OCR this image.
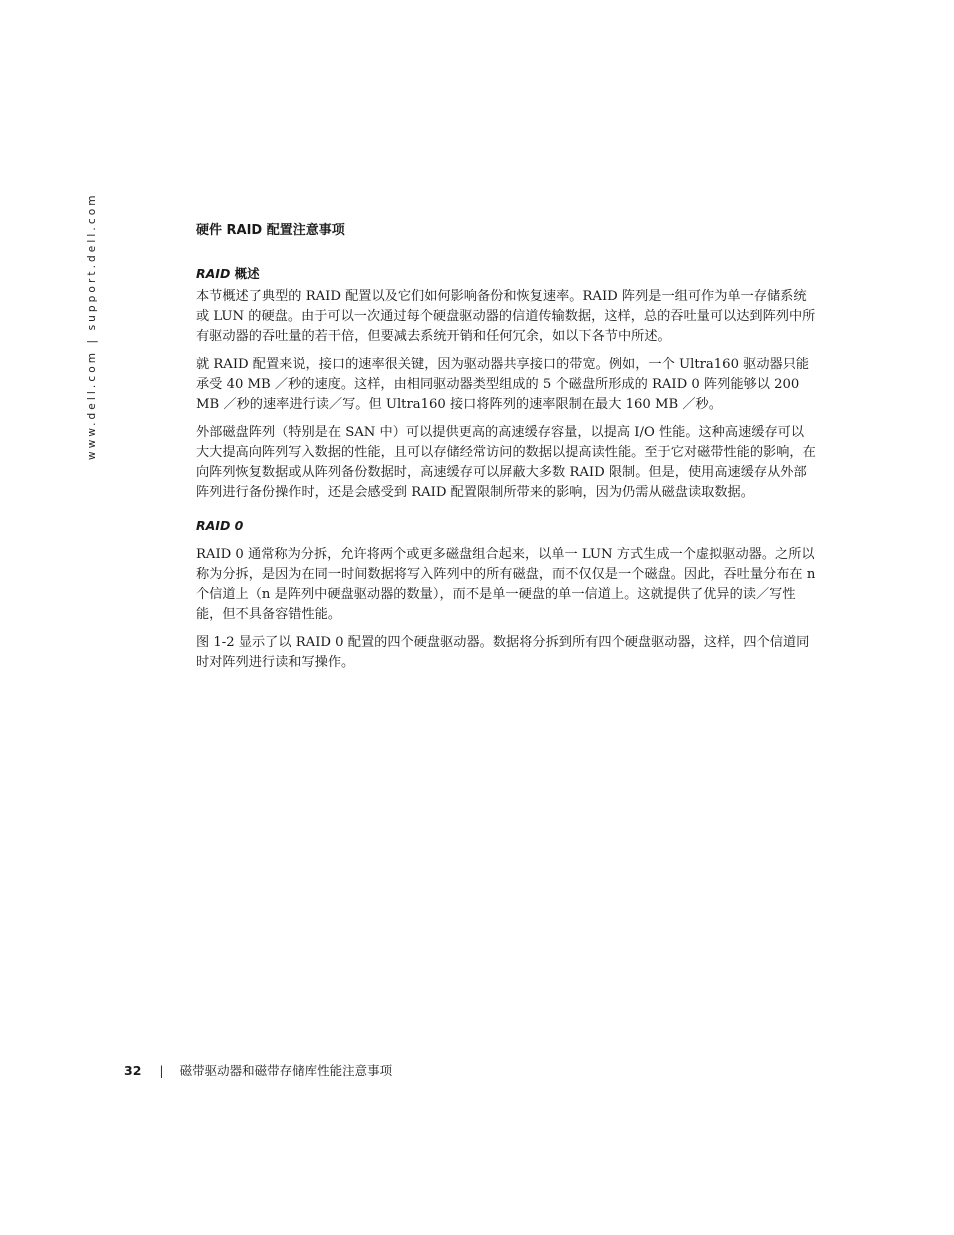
www.dell.com | support.dell.com	硬件 RAID 配置注意事项
RAID 概述

本节概述了典型的 RAID 配置以及它们如何影响备份和恢复速率。RAID 阵列是一组可作为单一存储系统或 LUN 的硬盘。由于可以一次通过每个硬盘驱动器的信道传输数据，这样，总的吞吐量可以达到阵列中所有驱动器的吞吐量的若干倍，但要减去系统开销和任何冗余，如以下各节中所述。

就 RAID 配置来说，接口的速率很关键，因为驱动器共享接口的带宽。例如，一个 Ultra160 驱动器只能承受 40 MB ／秒的速度。这样，由相同驱动器类型组成的 5 个磁盘所形成的 RAID 0 阵列能够以 200 MB ／秒的速率进行读／写。但 Ultra160 接口将阵列的速率限制在最大 160 MB ／秒。

外部磁盘阵列（特别是在 SAN 中）可以提供更高的高速缓存容量，以提高 I/O 性能。这种高速缓存可以大大提高向阵列写入数据的性能，且可以存储经常访问的数据以提高读性能。至于它对磁带性能的影响，在向阵列恢复数据或从阵列备份数据时，高速缓存可以屏蔽大多数 RAID 限制。但是，使用高速缓存从外部阵列进行备份操作时，还是会感受到 RAID 配置限制所带来的影响，因为仍需从磁盘读取数据。

RAID 0

RAID 0 通常称为分拆，允许将两个或更多磁盘组合起来，以单一 LUN 方式生成一个虚拟驱动器。之所以称为分拆，是因为在同一时间数据将写入阵列中的所有磁盘，而不仅仅是一个磁盘。因此，吞吐量分布在 n 个信道上（n 是阵列中硬盘驱动器的数量），而不是单一硬盘的单一信道上。这就提供了优异的读／写性能，但不具备容错性能。

图 1-2 显示了以 RAID 0 配置的四个硬盘驱动器。数据将分拆到所有四个硬盘驱动器，这样，四个信道同时对阵列进行读和写操作。

32 | 磁带驱动器和磁带存储库性能注意事项
